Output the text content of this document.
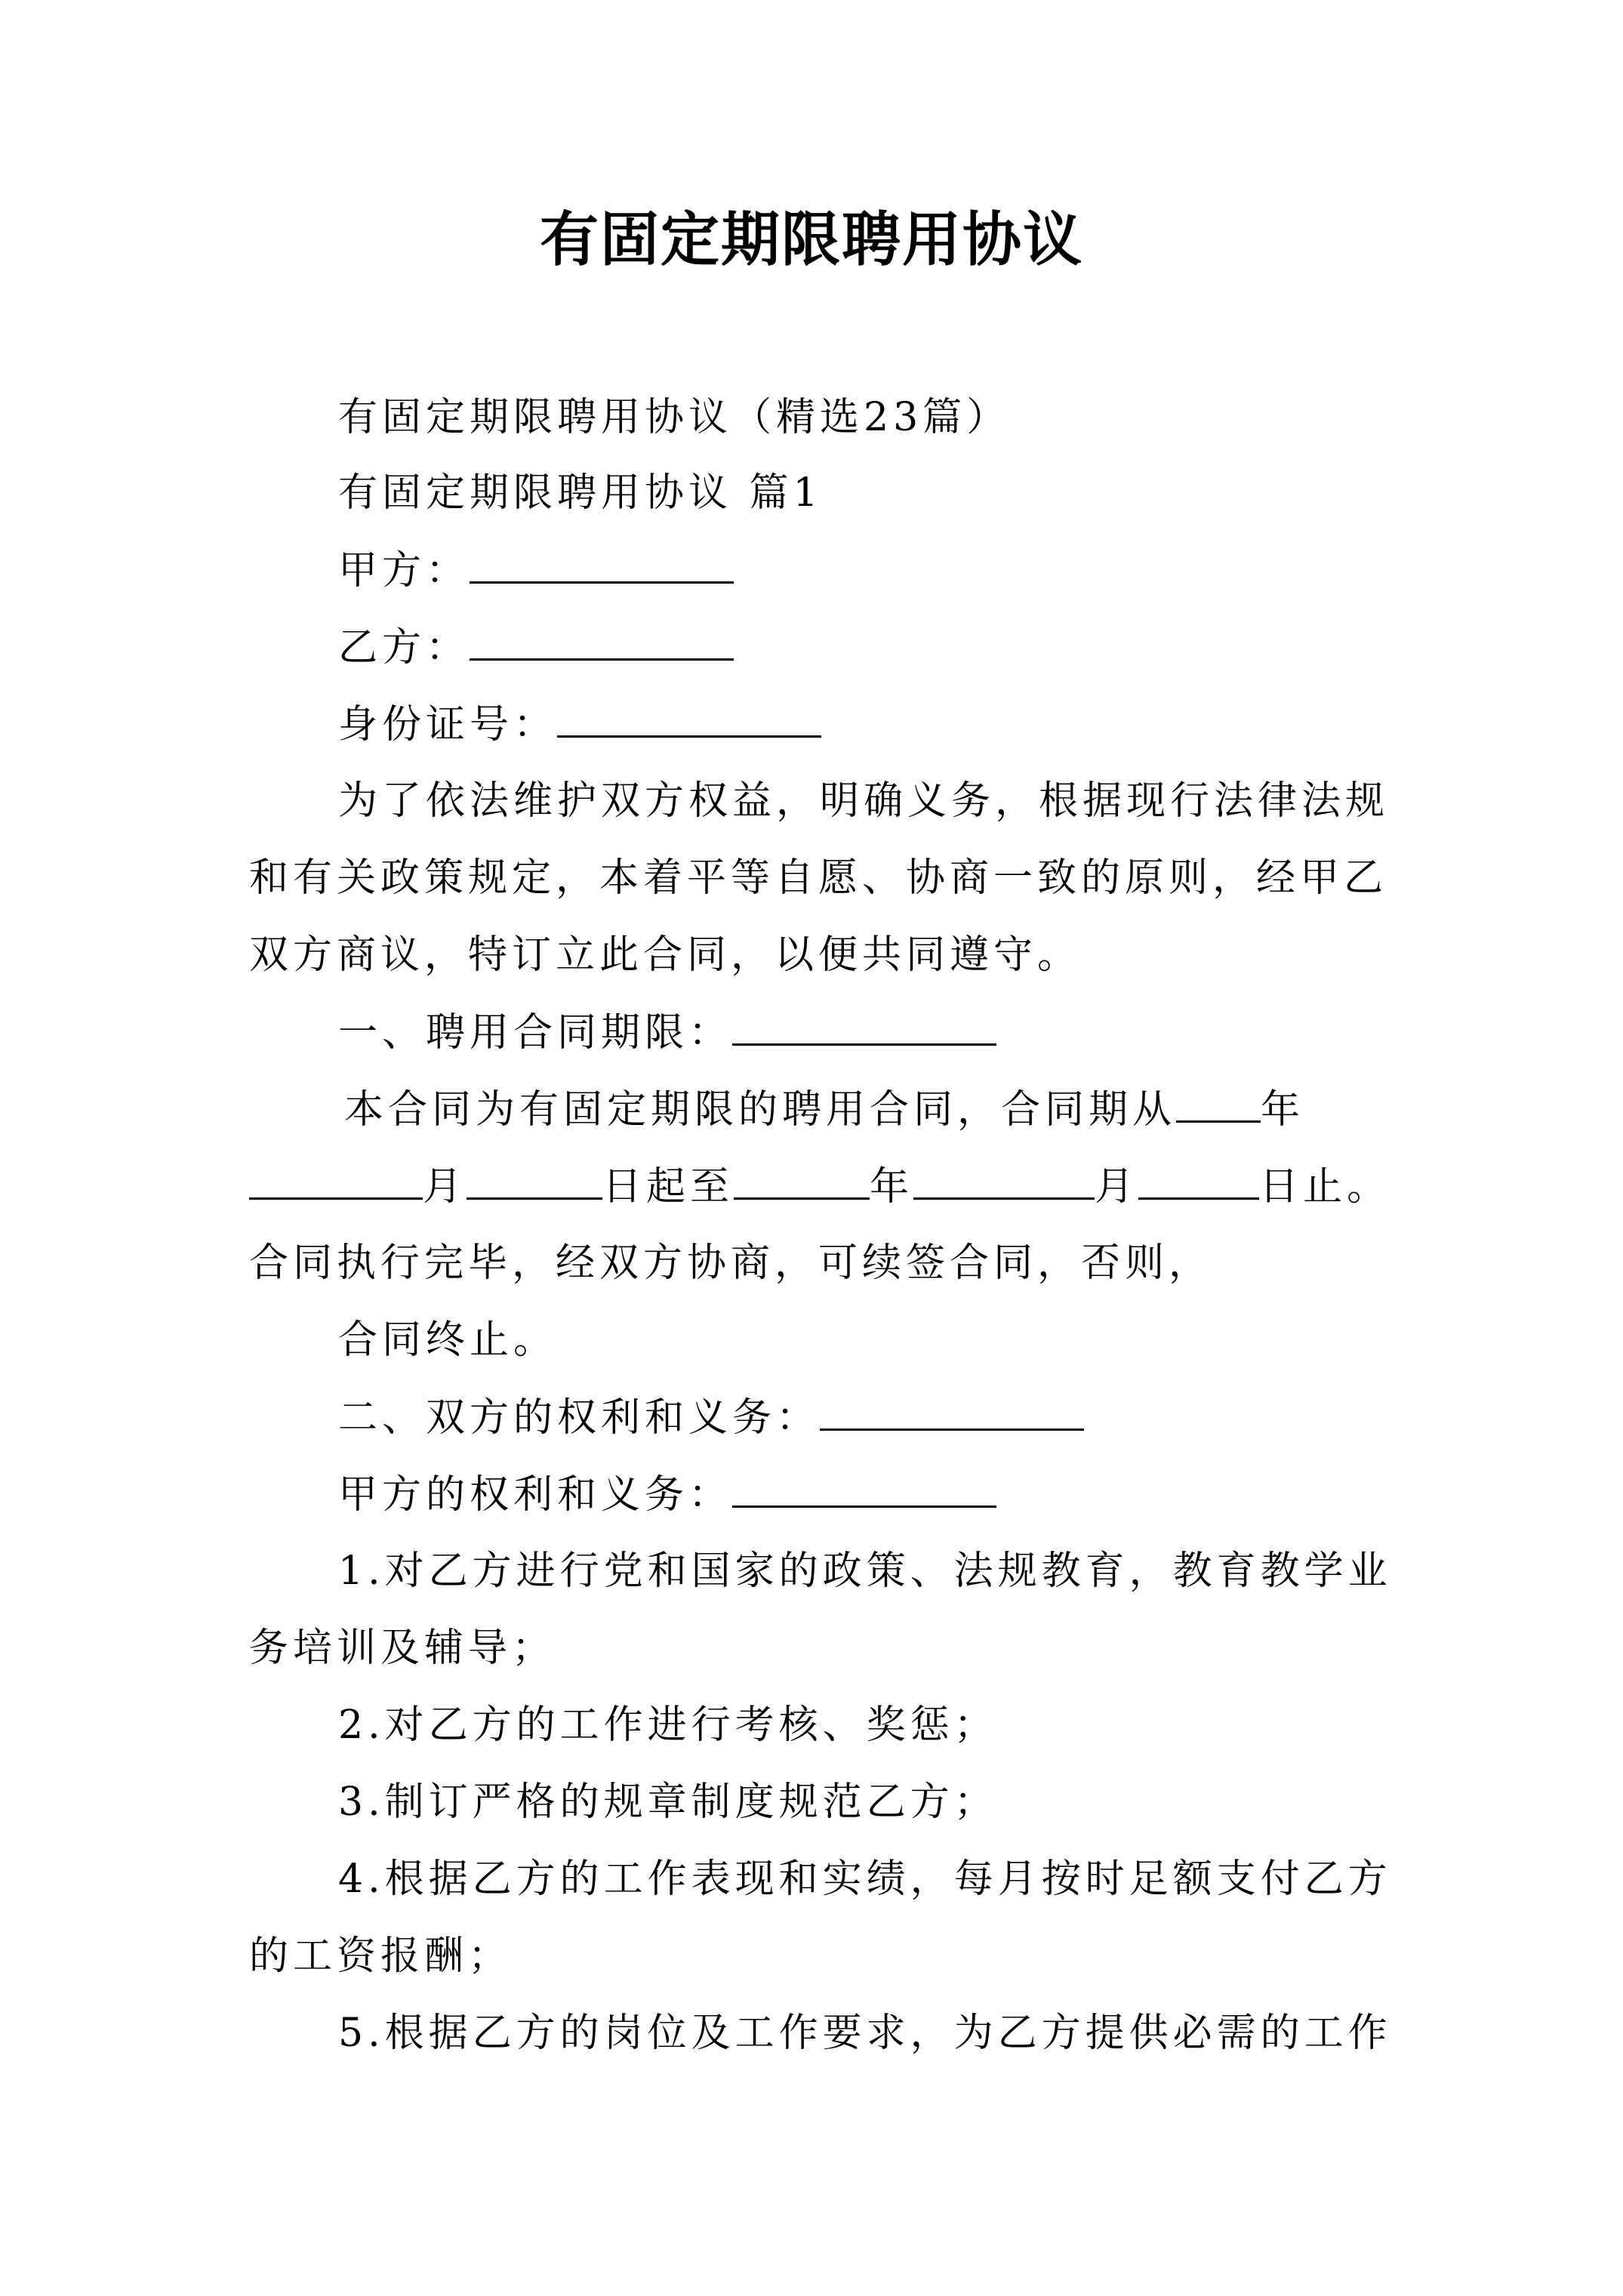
有固定期限聘用协议
有固定期限聘用协议（精选23篇）
有固定期限聘用协议 篇1
甲方：
乙方：
身份证号：
为了依法维护双方权益，明确义务，根据现行法律法规
和有关政策规定，本着平等自愿、协商一致的原则，经甲乙
双方商议，特订立此合同，以便共同遵守。
一、聘用合同期限：
本合同为有固定期限的聘用合同，合同期从 年
月	日起至	年	月	日止。
合同执行完毕，经双方协商，可续签合同，否则，
合同终止。
二、双方的权利和义务：
甲方的权利和义务：
1.对乙方进行党和国家的政策、法规教育，教育教学业
务培训及辅导；
2.对乙方的工作进行考核、奖惩；
3.制订严格的规章制度规范乙方；
4.根据乙方的工作表现和实绩，每月按时足额支付乙方
的工资报酬；
5.根据乙方的岗位及工作要求，为乙方提供必需的工作
